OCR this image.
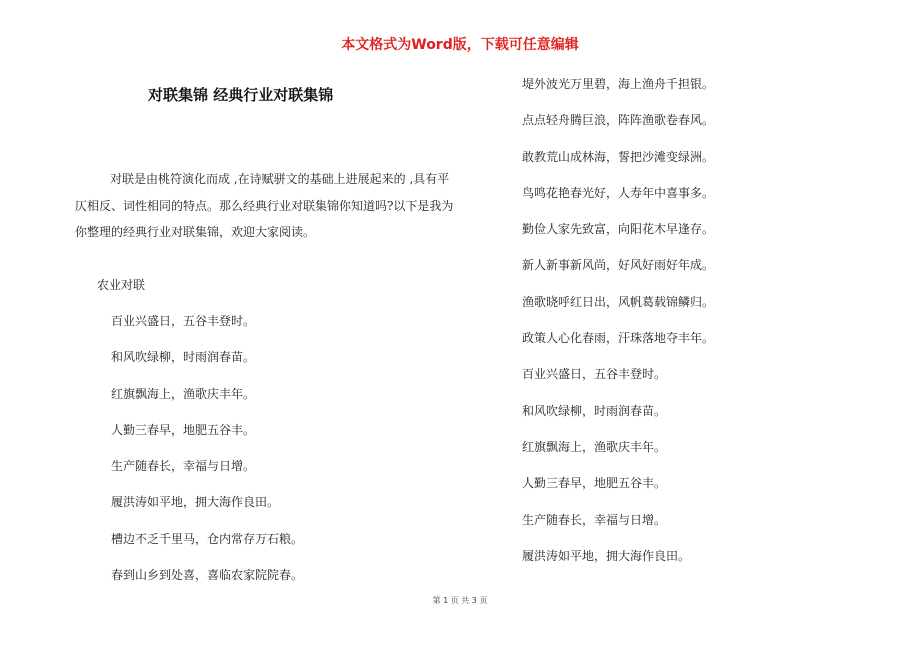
本文格式为Word版，下载可任意编辑
对联集锦 经典行业对联集锦

对联是由桃符演化而成 ,在诗赋骈文的基础上进展起来的 ,具有平仄相反、词性相同的特点。那么经典行业对联集锦你知道吗?以下是我为你整理的经典行业对联集锦，欢迎大家阅读。

农业对联
百业兴盛日，五谷丰登时。
和风吹绿柳，时雨润春苗。
红旗飘海上，渔歌庆丰年。
人勤三春早，地肥五谷丰。
生产随春长，幸福与日增。
履洪涛如平地，拥大海作良田。
槽边不乏千里马，仓内常存万石粮。
春到山乡到处喜，喜临农家院院春。
堤外波光万里碧，海上渔舟千担银。
点点轻舟腾巨浪，阵阵渔歌卷春风。
敢教荒山成林海，誓把沙滩变绿洲。
鸟鸣花艳春光好，人寿年中喜事多。
勤俭人家先致富，向阳花木早逢存。
新人新事新风尚，好风好雨好年成。
渔歌晓呼红日出，风帆葛载锦鳞归。
政策人心化春雨，汗珠落地夺丰年。
百业兴盛日，五谷丰登时。
和风吹绿柳，时雨润春苗。
红旗飘海上，渔歌庆丰年。
人勤三春早，地肥五谷丰。
生产随春长，幸福与日增。
履洪涛如平地，拥大海作良田。
第 1 页 共 3 页
